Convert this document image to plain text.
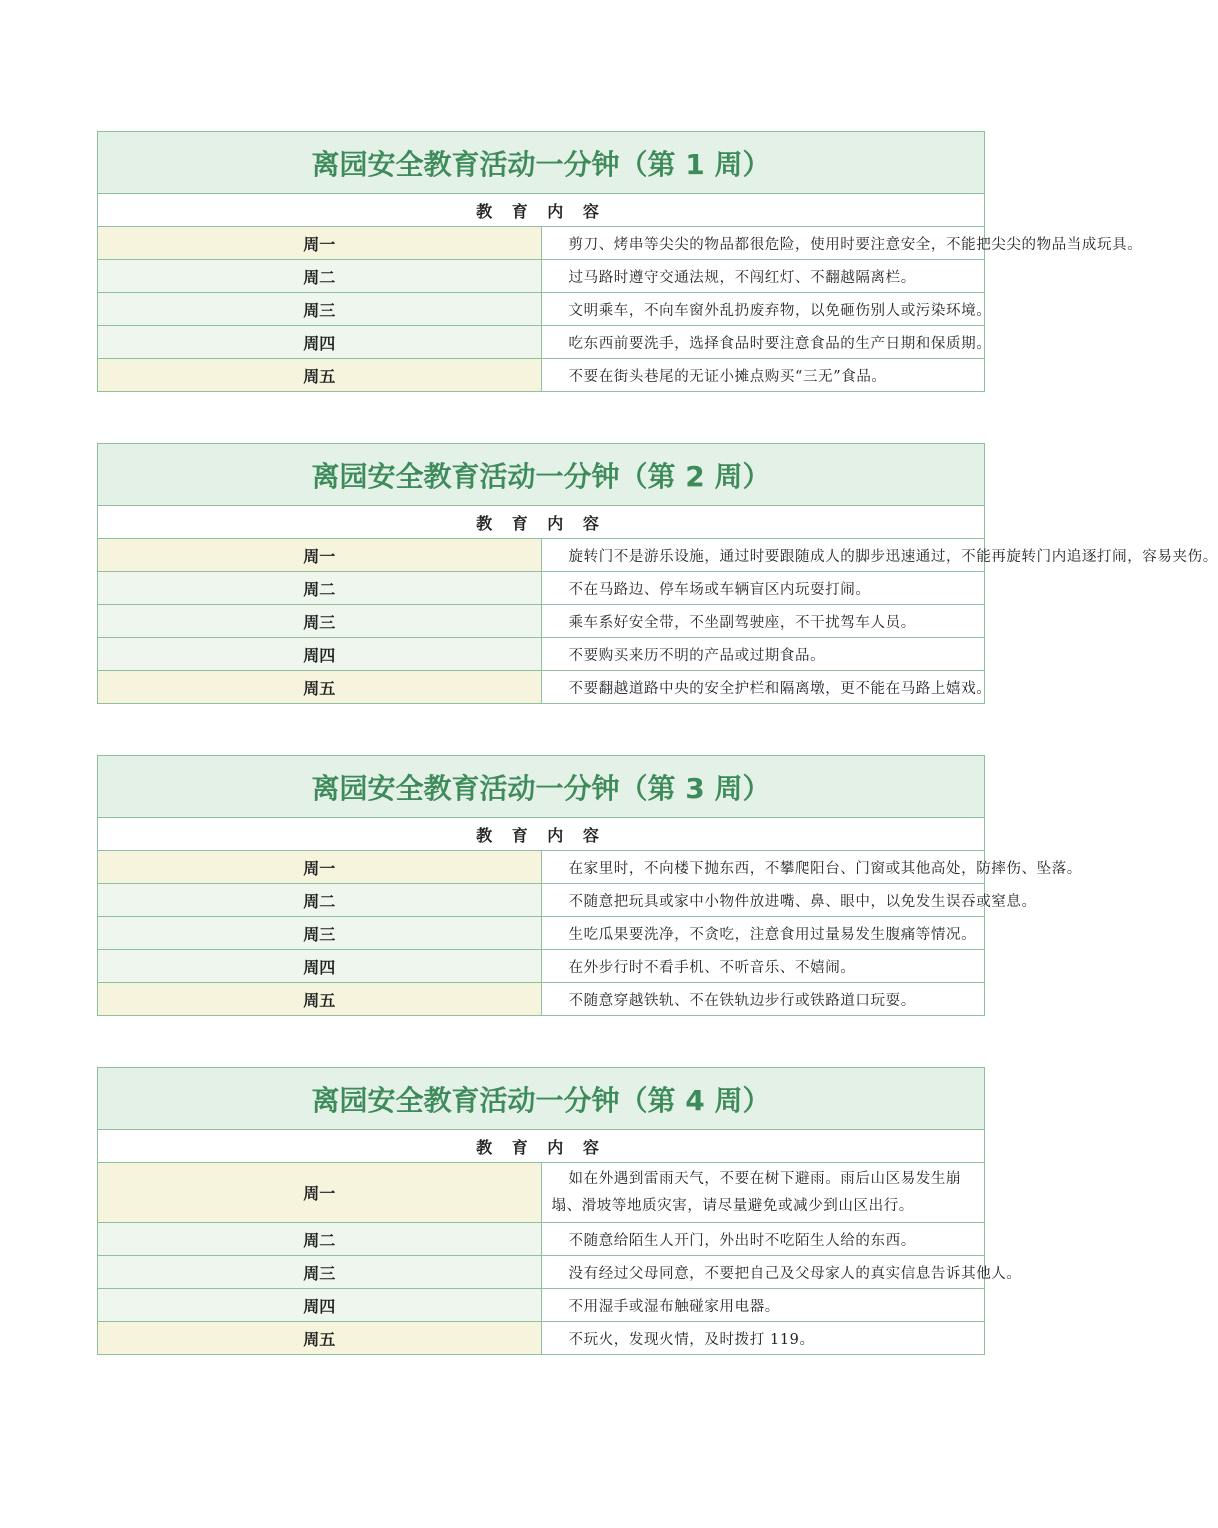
离园安全教育活动一分钟（第 1 周）	
教 育 内 容	
周一	剪刀、烤串等尖尖的物品都很危险，使用时要注意安全，不能把尖尖的物品当成玩具。
周二	过马路时遵守交通法规，不闯红灯、不翻越隔离栏。
周三	文明乘车，不向车窗外乱扔废弃物，以免砸伤别人或污染环境。
周四	吃东西前要洗手，选择食品时要注意食品的生产日期和保质期。
周五	不要在街头巷尾的无证小摊点购买“三无”食品。
离园安全教育活动一分钟（第 2 周）	
教 育 内 容	
周一	旋转门不是游乐设施，通过时要跟随成人的脚步迅速通过，不能再旋转门内追逐打闹，容易夹伤。
周二	不在马路边、停车场或车辆盲区内玩耍打闹。
周三	乘车系好安全带，不坐副驾驶座，不干扰驾车人员。
周四	不要购买来历不明的产品或过期食品。
周五	不要翻越道路中央的安全护栏和隔离墩，更不能在马路上嬉戏。
离园安全教育活动一分钟（第 3 周）	
教 育 内 容	
周一	在家里时，不向楼下抛东西，不攀爬阳台、门窗或其他高处，防摔伤、坠落。
周二	不随意把玩具或家中小物件放进嘴、鼻、眼中，以免发生误吞或窒息。
周三	生吃瓜果要洗净，不贪吃，注意食用过量易发生腹痛等情况。
周四	在外步行时不看手机、不听音乐、不嬉闹。
周五	不随意穿越铁轨、不在铁轨边步行或铁路道口玩耍。
离园安全教育活动一分钟（第 4 周）	
教 育 内 容	
周一	如在外遇到雷雨天气，不要在树下避雨。雨后山区易发生崩塌、滑坡等地质灾害，请尽量避免或减少到山区出行。
周二	不随意给陌生人开门，外出时不吃陌生人给的东西。
周三	没有经过父母同意，不要把自己及父母家人的真实信息告诉其他人。
周四	不用湿手或湿布触碰家用电器。
周五	不玩火，发现火情，及时拨打 119。
